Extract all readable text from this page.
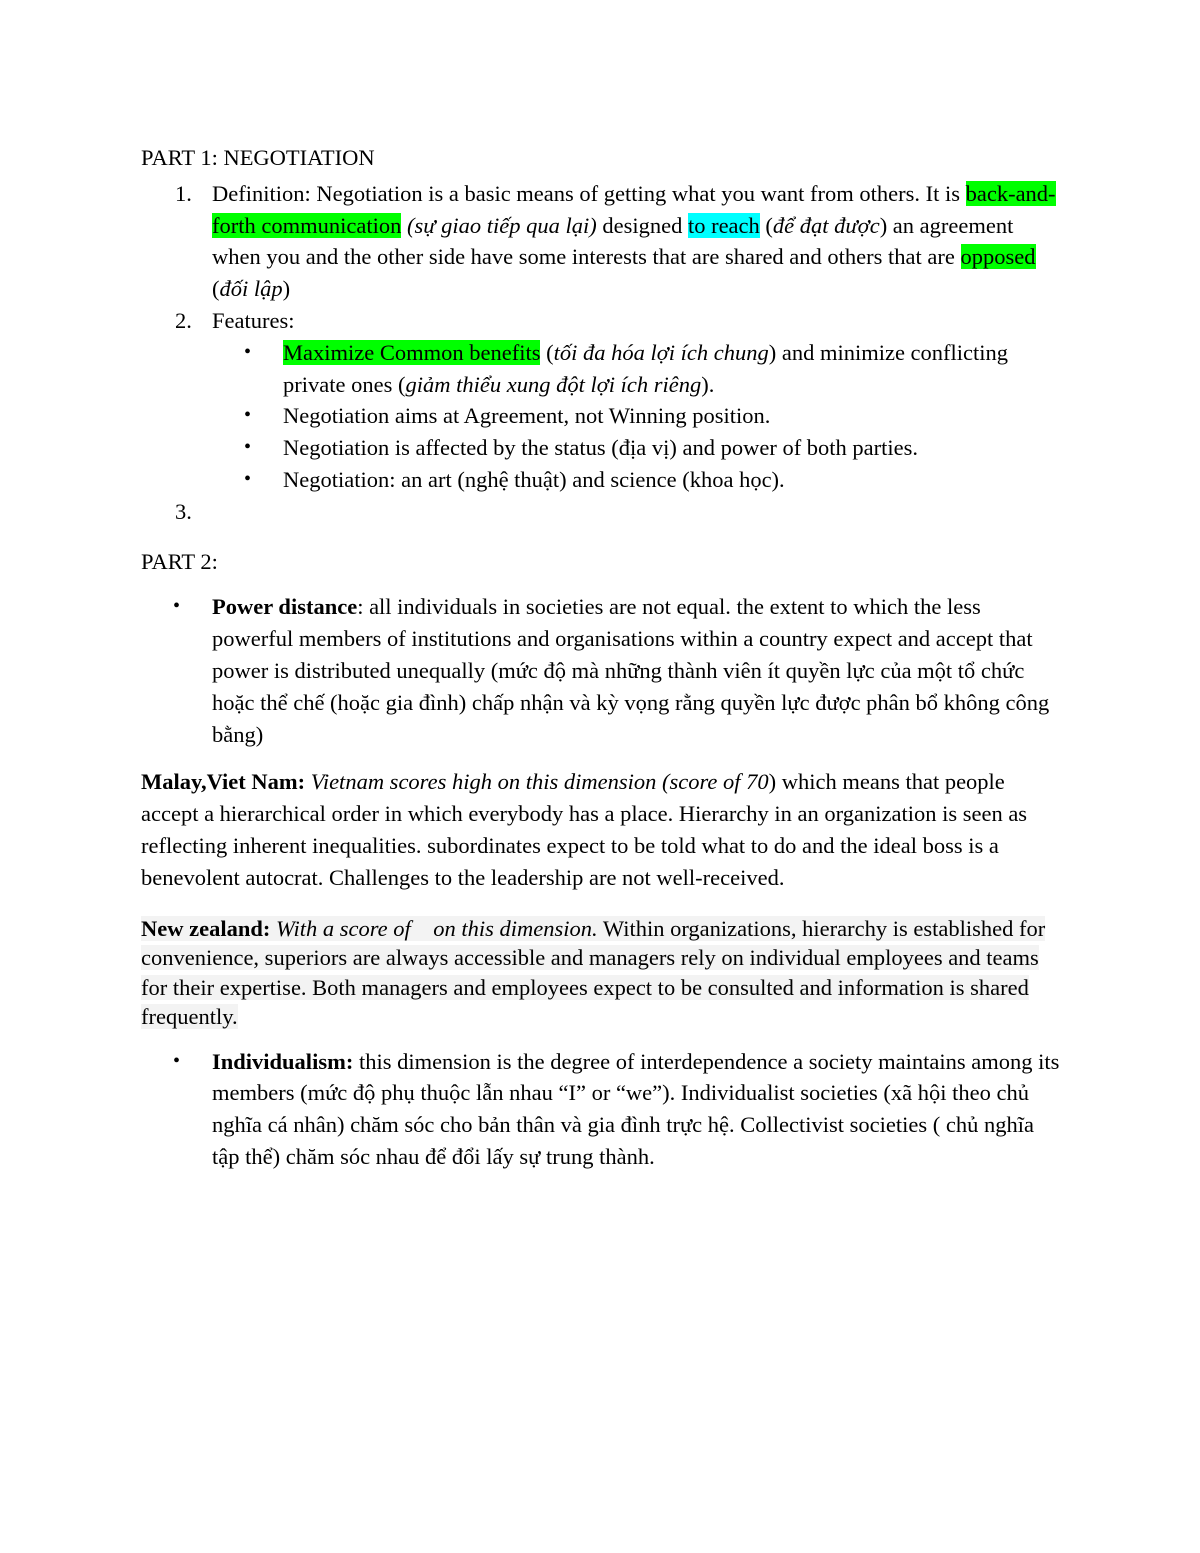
PART 1: NEGOTIATION

1. Definition: Negotiation is a basic means of getting what you want from others. It is back-and-forth communication (sự giao tiếp qua lại) designed to reach (để đạt được) an agreement when you and the other side have some interests that are shared and others that are opposed (đối lập)
2. Features:
• Maximize Common benefits (tối đa hóa lợi ích chung) and minimize conflicting private ones (giảm thiểu xung đột lợi ích riêng).
• Negotiation aims at Agreement, not Winning position.
• Negotiation is affected by the status (địa vị) and power of both parties.
• Negotiation: an art (nghệ thuật) and science (khoa học).
3.

PART 2:

• Power distance: all individuals in societies are not equal. the extent to which the less powerful members of institutions and organisations within a country expect and accept that power is distributed unequally (mức độ mà những thành viên ít quyền lực của một tổ chức hoặc thể chế (hoặc gia đình) chấp nhận và kỳ vọng rằng quyền lực được phân bổ không công bằng)

Malay,Viet Nam: Vietnam scores high on this dimension (score of 70) which means that people accept a hierarchical order in which everybody has a place. Hierarchy in an organization is seen as reflecting inherent inequalities. subordinates expect to be told what to do and the ideal boss is a benevolent autocrat. Challenges to the leadership are not well-received.

New zealand: With a score of    on this dimension. Within organizations, hierarchy is established for convenience, superiors are always accessible and managers rely on individual employees and teams for their expertise. Both managers and employees expect to be consulted and information is shared frequently.

• Individualism: this dimension is the degree of interdependence a society maintains among its members (mức độ phụ thuộc lẫn nhau “I” or “we”). Individualist societies (xã hội theo chủ nghĩa cá nhân) chăm sóc cho bản thân và gia đình trực hệ. Collectivist societies ( chủ nghĩa tập thể) chăm sóc nhau để đổi lấy sự trung thành.
